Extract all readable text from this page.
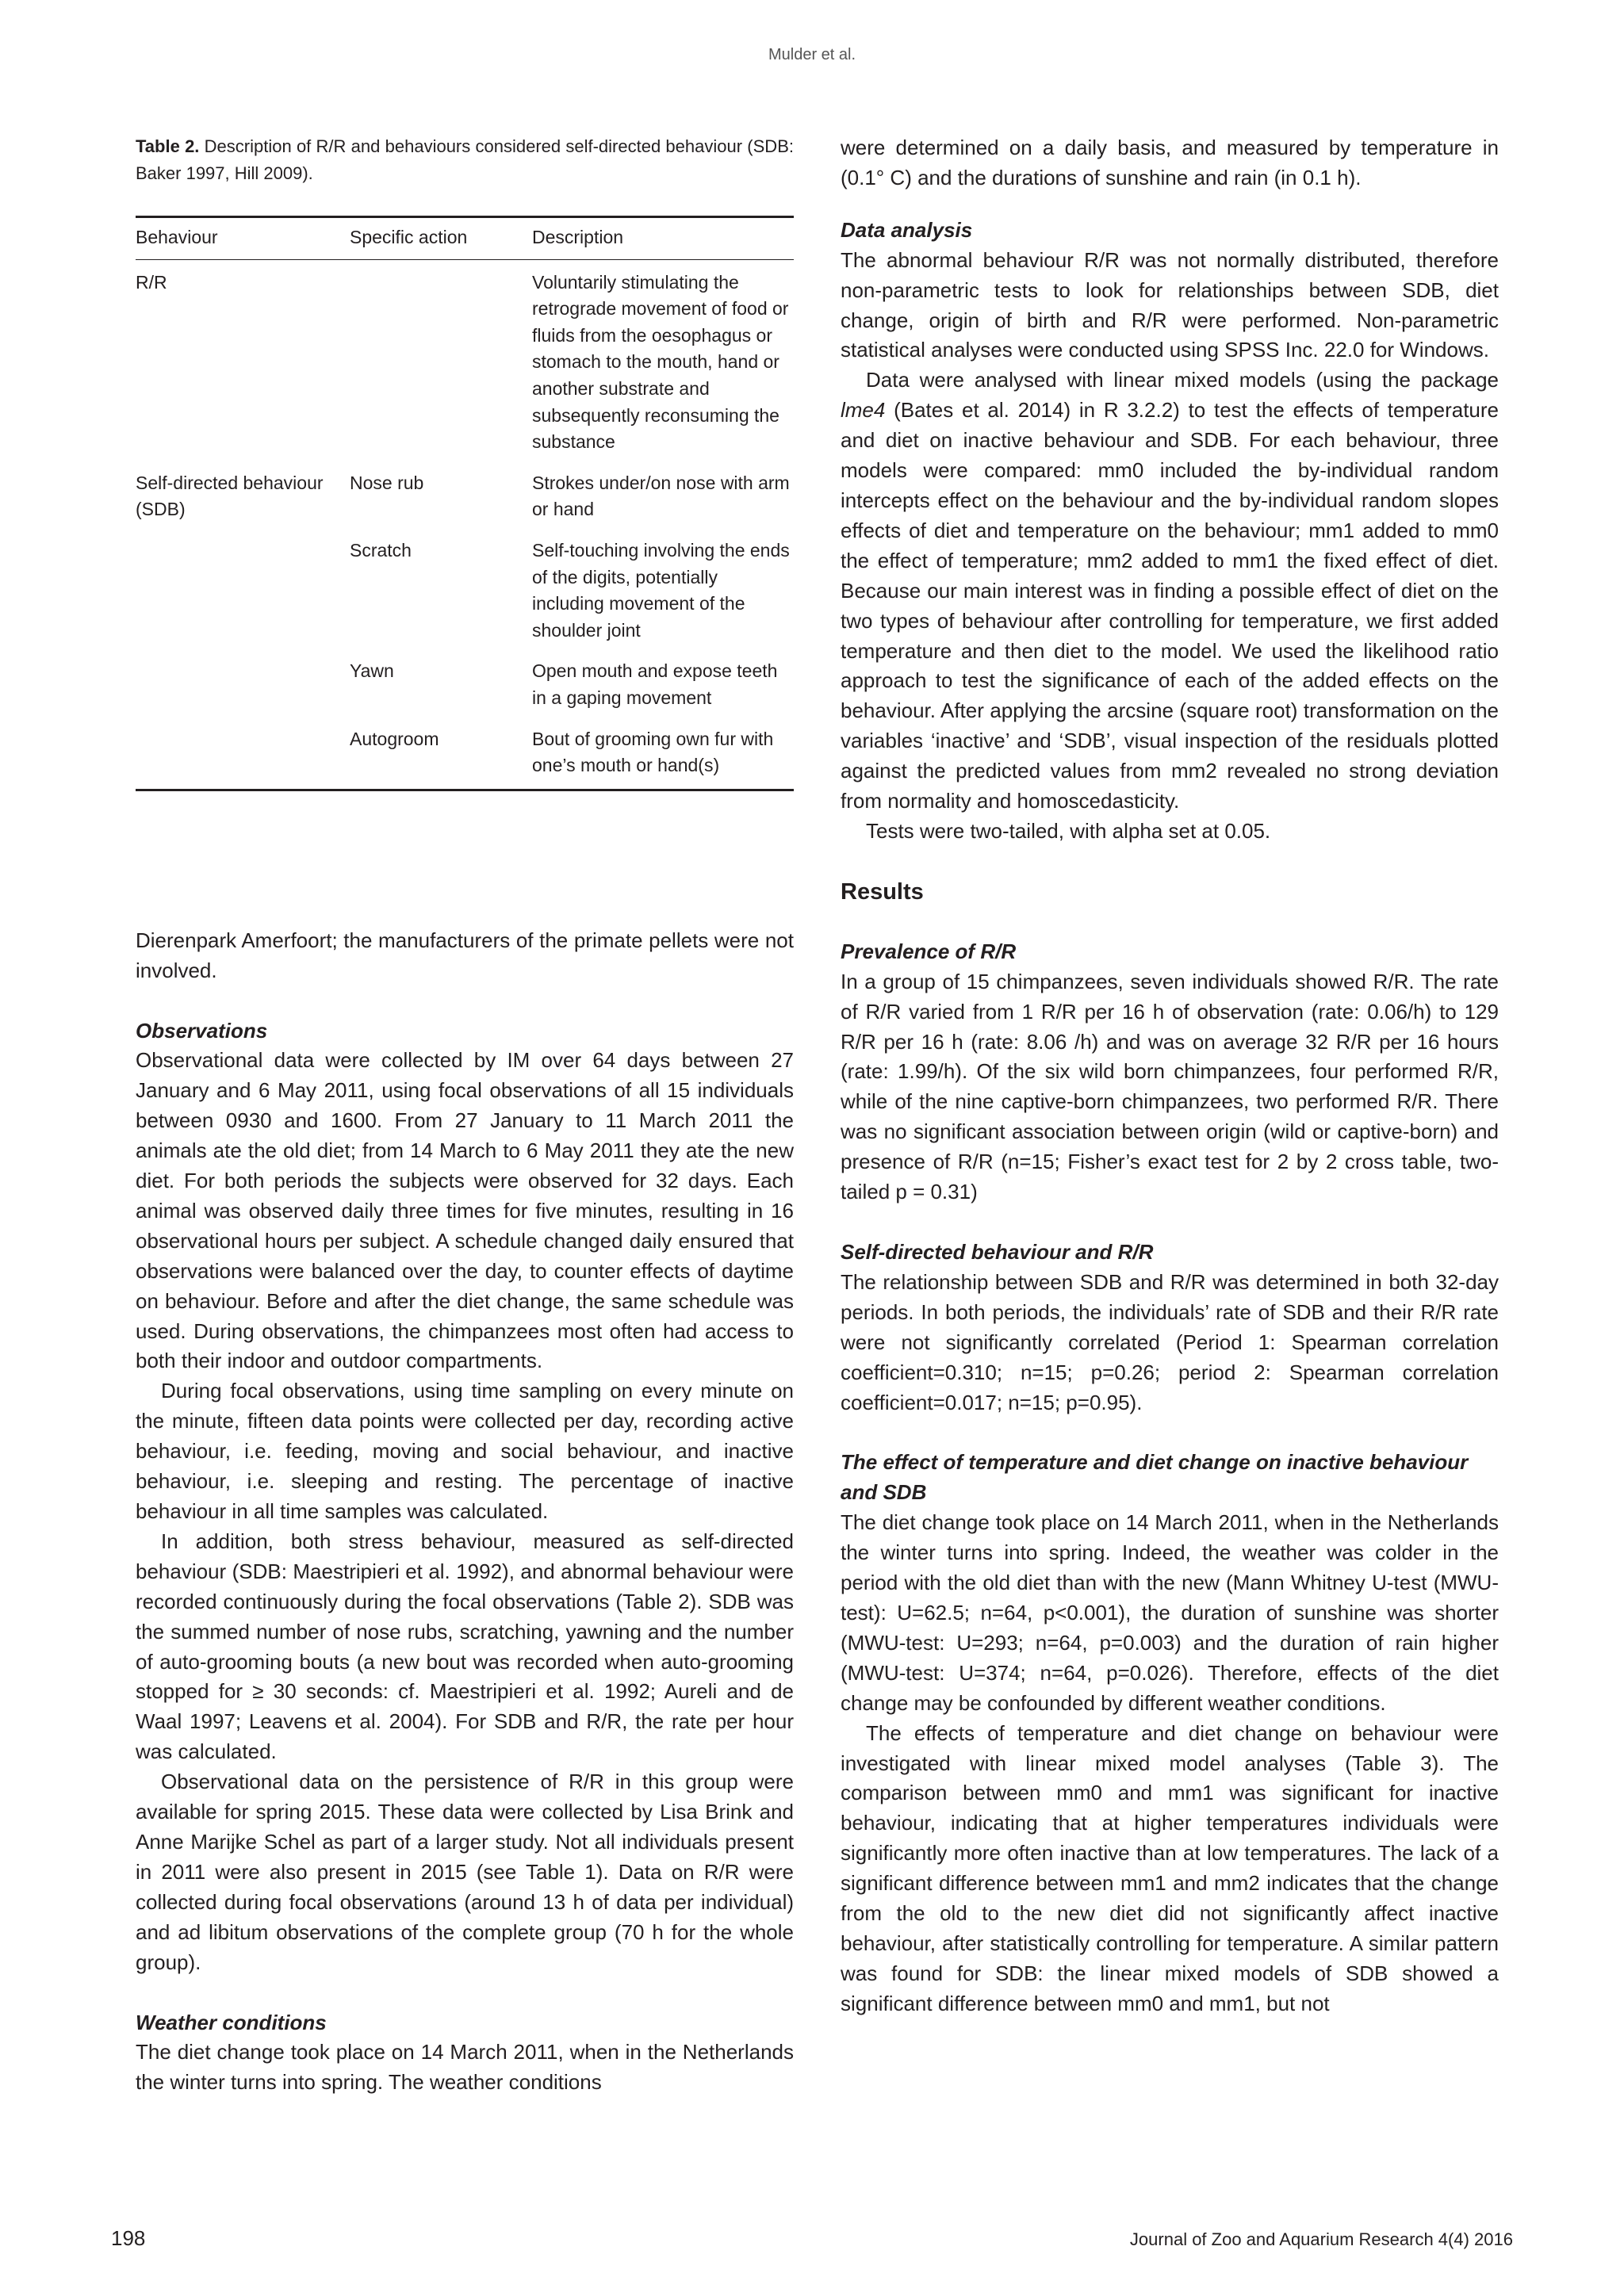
Mulder et al.
Table 2. Description of R/R and behaviours considered self-directed behaviour (SDB: Baker 1997, Hill 2009).
Behaviour	Specific action	Description
R/R		Voluntarily stimulating the retrograde movement of food or fluids from the oesophagus or stomach to the mouth, hand or another substrate and subsequently reconsuming the substance
Self-directed behaviour (SDB)	Nose rub	Strokes under/on nose with arm or hand
	Scratch	Self-touching involving the ends of the digits, potentially including movement of the shoulder joint
	Yawn	Open mouth and expose teeth in a gaping movement
	Autogroom	Bout of grooming own fur with one’s mouth or hand(s)

Dierenpark Amerfoort; the manufacturers of the primate pellets were not involved.

Observations

Observational data were collected by IM over 64 days between 27 January and 6 May 2011, using focal observations of all 15 individuals between 0930 and 1600. From 27 January to 11 March 2011 the animals ate the old diet; from 14 March to 6 May 2011 they ate the new diet. For both periods the subjects were observed for 32 days. Each animal was observed daily three times for five minutes, resulting in 16 observational hours per subject. A schedule changed daily ensured that observations were balanced over the day, to counter effects of daytime on behaviour. Before and after the diet change, the same schedule was used. During observations, the chimpanzees most often had access to both their indoor and outdoor compartments.

During focal observations, using time sampling on every minute on the minute, fifteen data points were collected per day, recording active behaviour, i.e. feeding, moving and social behaviour, and inactive behaviour, i.e. sleeping and resting. The percentage of inactive behaviour in all time samples was calculated.

In addition, both stress behaviour, measured as self-directed behaviour (SDB: Maestripieri et al. 1992), and abnormal behaviour were recorded continuously during the focal observations (Table 2). SDB was the summed number of nose rubs, scratching, yawning and the number of auto-grooming bouts (a new bout was recorded when auto-grooming stopped for ≥ 30 seconds: cf. Maestripieri et al. 1992; Aureli and de Waal 1997; Leavens et al. 2004). For SDB and R/R, the rate per hour was calculated.

Observational data on the persistence of R/R in this group were available for spring 2015. These data were collected by Lisa Brink and Anne Marijke Schel as part of a larger study. Not all individuals present in 2011 were also present in 2015 (see Table 1). Data on R/R were collected during focal observations (around 13 h of data per individual) and ad libitum observations of the complete group (70 h for the whole group).

Weather conditions

The diet change took place on 14 March 2011, when in the Netherlands the winter turns into spring. The weather conditions

were determined on a daily basis, and measured by temperature in (0.1° C) and the durations of sunshine and rain (in 0.1 h).

Data analysis

The abnormal behaviour R/R was not normally distributed, therefore non-parametric tests to look for relationships between SDB, diet change, origin of birth and R/R were performed. Non-parametric statistical analyses were conducted using SPSS Inc. 22.0 for Windows.

Data were analysed with linear mixed models (using the package lme4 (Bates et al. 2014) in R 3.2.2) to test the effects of temperature and diet on inactive behaviour and SDB. For each behaviour, three models were compared: mm0 included the by-individual random intercepts effect on the behaviour and the by-individual random slopes effects of diet and temperature on the behaviour; mm1 added to mm0 the effect of temperature; mm2 added to mm1 the fixed effect of diet. Because our main interest was in finding a possible effect of diet on the two types of behaviour after controlling for temperature, we first added temperature and then diet to the model. We used the likelihood ratio approach to test the significance of each of the added effects on the behaviour. After applying the arcsine (square root) transformation on the variables ‘inactive’ and ‘SDB’, visual inspection of the residuals plotted against the predicted values from mm2 revealed no strong deviation from normality and homoscedasticity.

Tests were two-tailed, with alpha set at 0.05.

Results
Prevalence of R/R

In a group of 15 chimpanzees, seven individuals showed R/R. The rate of R/R varied from 1 R/R per 16 h of observation (rate: 0.06/h) to 129 R/R per 16 h (rate: 8.06 /h) and was on average 32 R/R per 16 hours (rate: 1.99/h). Of the six wild born chimpanzees, four performed R/R, while of the nine captive-born chimpanzees, two performed R/R. There was no significant association between origin (wild or captive-born) and presence of R/R (n=15; Fisher’s exact test for 2 by 2 cross table, two-tailed p = 0.31)

Self-directed behaviour and R/R

The relationship between SDB and R/R was determined in both 32-day periods. In both periods, the individuals’ rate of SDB and their R/R rate were not significantly correlated (Period 1: Spearman correlation coefficient=0.310; n=15; p=0.26; period 2: Spearman correlation coefficient=0.017; n=15; p=0.95).

The effect of temperature and diet change on inactive behaviour and SDB

The diet change took place on 14 March 2011, when in the Netherlands the winter turns into spring. Indeed, the weather was colder in the period with the old diet than with the new (Mann Whitney U-test (MWU-test): U=62.5; n=64, p<0.001), the duration of sunshine was shorter (MWU-test: U=293; n=64, p=0.003) and the duration of rain higher (MWU-test: U=374; n=64, p=0.026). Therefore, effects of the diet change may be confounded by different weather conditions.

The effects of temperature and diet change on behaviour were investigated with linear mixed model analyses (Table 3). The comparison between mm0 and mm1 was significant for inactive behaviour, indicating that at higher temperatures individuals were significantly more often inactive than at low temperatures. The lack of a significant difference between mm1 and mm2 indicates that the change from the old to the new diet did not significantly affect inactive behaviour, after statistically controlling for temperature. A similar pattern was found for SDB: the linear mixed models of SDB showed a significant difference between mm0 and mm1, but not

198	Journal of Zoo and Aquarium Research 4(4) 2016
